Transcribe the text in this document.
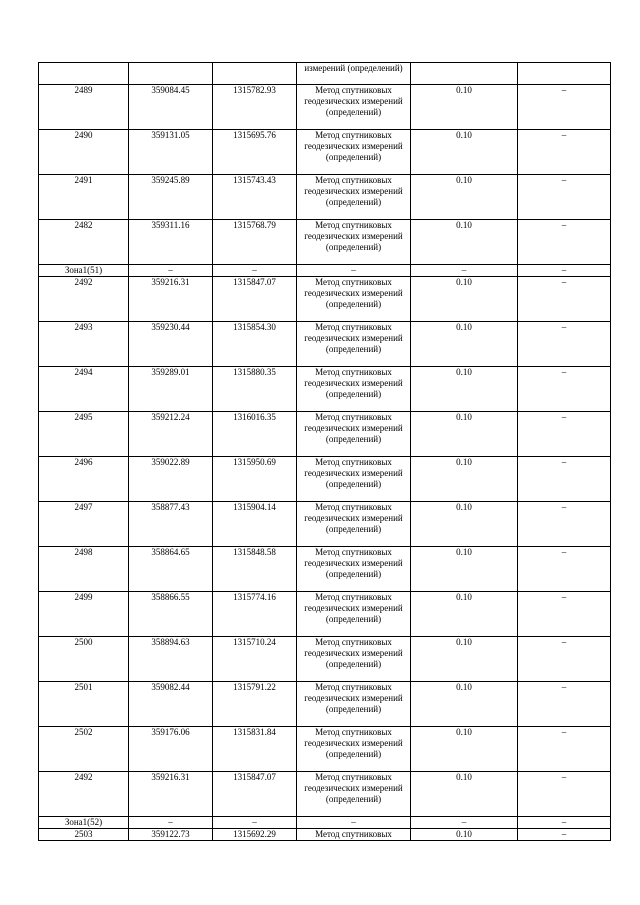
			измерений (определений)		
2489	359084.45	1315782.93	Метод спутниковых геодезических измерений (определений)	0.10	–
2490	359131.05	1315695.76	Метод спутниковых геодезических измерений (определений)	0.10	–
2491	359245.89	1315743.43	Метод спутниковых геодезических измерений (определений)	0.10	–
2482	359311.16	1315768.79	Метод спутниковых геодезических измерений (определений)	0.10	–
Зона1(51)	–	–	–	–	–
2492	359216.31	1315847.07	Метод спутниковых геодезических измерений (определений)	0.10	–
2493	359230.44	1315854.30	Метод спутниковых геодезических измерений (определений)	0.10	–
2494	359289.01	1315880.35	Метод спутниковых геодезических измерений (определений)	0.10	–
2495	359212.24	1316016.35	Метод спутниковых геодезических измерений (определений)	0.10	–
2496	359022.89	1315950.69	Метод спутниковых геодезических измерений (определений)	0.10	–
2497	358877.43	1315904.14	Метод спутниковых геодезических измерений (определений)	0.10	–
2498	358864.65	1315848.58	Метод спутниковых геодезических измерений (определений)	0.10	–
2499	358866.55	1315774.16	Метод спутниковых геодезических измерений (определений)	0.10	–
2500	358894.63	1315710.24	Метод спутниковых геодезических измерений (определений)	0.10	–
2501	359082.44	1315791.22	Метод спутниковых геодезических измерений (определений)	0.10	–
2502	359176.06	1315831.84	Метод спутниковых геодезических измерений (определений)	0.10	–
2492	359216.31	1315847.07	Метод спутниковых геодезических измерений (определений)	0.10	–
Зона1(52)	–	–	–	–	–
2503	359122.73	1315692.29	Метод спутниковых	0.10	–
